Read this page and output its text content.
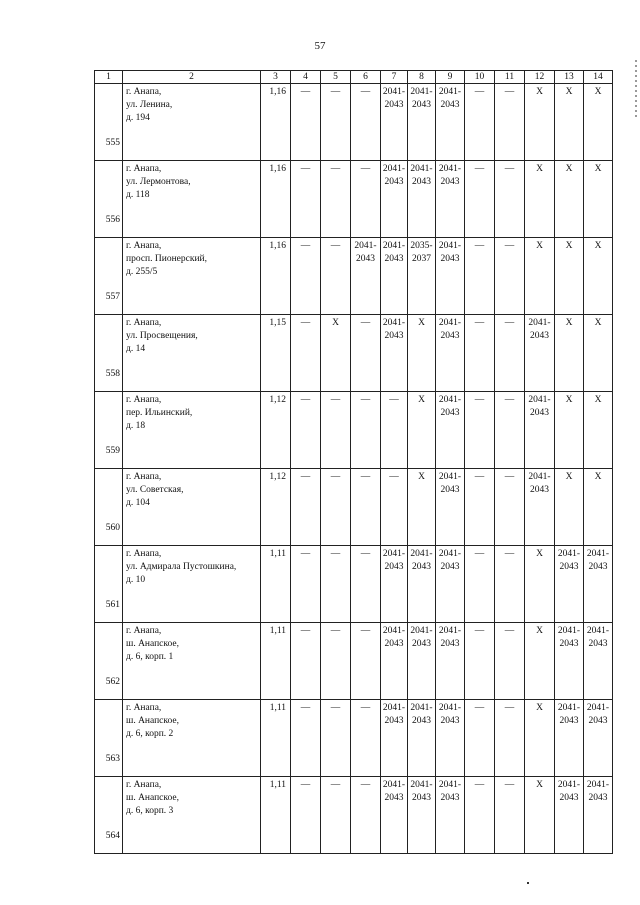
57
1	2	3	4	5	6	7	8	9	10	11	12	13	14
555	г. Анапа,
ул. Ленина,
д. 194	1,16	—	—	—	2041-
2043	2041-
2043	2041-
2043	—	—	X	X	X
556	г. Анапа,
ул. Лермонтова,
д. 118	1,16	—	—	—	2041-
2043	2041-
2043	2041-
2043	—	—	X	X	X
557	г. Анапа,
просп. Пионерский,
д. 255/5	1,16	—	—	2041-
2043	2041-
2043	2035-
2037	2041-
2043	—	—	X	X	X
558	г. Анапа,
ул. Просвещения,
д. 14	1,15	—	X	—	2041-
2043	X	2041-
2043	—	—	2041-
2043	X	X
559	г. Анапа,
пер. Ильинский,
д. 18	1,12	—	—	—	—	X	2041-
2043	—	—	2041-
2043	X	X
560	г. Анапа,
ул. Советская,
д. 104	1,12	—	—	—	—	X	2041-
2043	—	—	2041-
2043	X	X
561	г. Анапа,
ул. Адмирала Пустошкина,
д. 10	1,11	—	—	—	2041-
2043	2041-
2043	2041-
2043	—	—	X	2041-
2043	2041-
2043
562	г. Анапа,
ш. Анапское,
д. 6, корп. 1	1,11	—	—	—	2041-
2043	2041-
2043	2041-
2043	—	—	X	2041-
2043	2041-
2043
563	г. Анапа,
ш. Анапское,
д. 6, корп. 2	1,11	—	—	—	2041-
2043	2041-
2043	2041-
2043	—	—	X	2041-
2043	2041-
2043
564	г. Анапа,
ш. Анапское,
д. 6, корп. 3	1,11	—	—	—	2041-
2043	2041-
2043	2041-
2043	—	—	X	2041-
2043	2041-
2043
